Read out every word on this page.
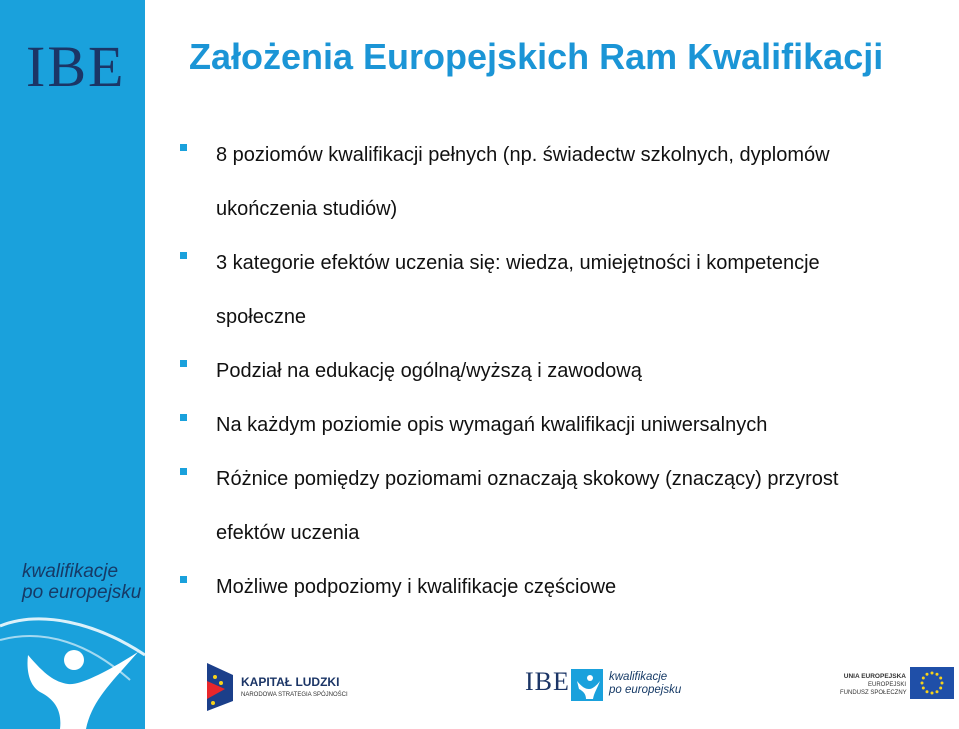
IBE
kwalifikacje
po europejsku
Założenia Europejskich Ram Kwalifikacji
8 poziomów kwalifikacji pełnych (np. świadectw szkolnych, dyplomów
ukończenia studiów)
3 kategorie efektów uczenia się: wiedza, umiejętności i kompetencje
społeczne
Podział na edukację ogólną/wyższą i zawodową
Na każdym poziomie opis wymagań kwalifikacji uniwersalnych
Różnice pomiędzy poziomami oznaczają skokowy (znaczący) przyrost
efektów uczenia
Możliwe podpoziomy i kwalifikacje częściowe
KAPITAŁ LUDZKI
NARODOWA STRATEGIA SPÓJNOŚCI	IBE	kwalifikacje
po europejsku
UNIA EUROPEJSKA
EUROPEJSKI
FUNDUSZ SPOŁECZNY
